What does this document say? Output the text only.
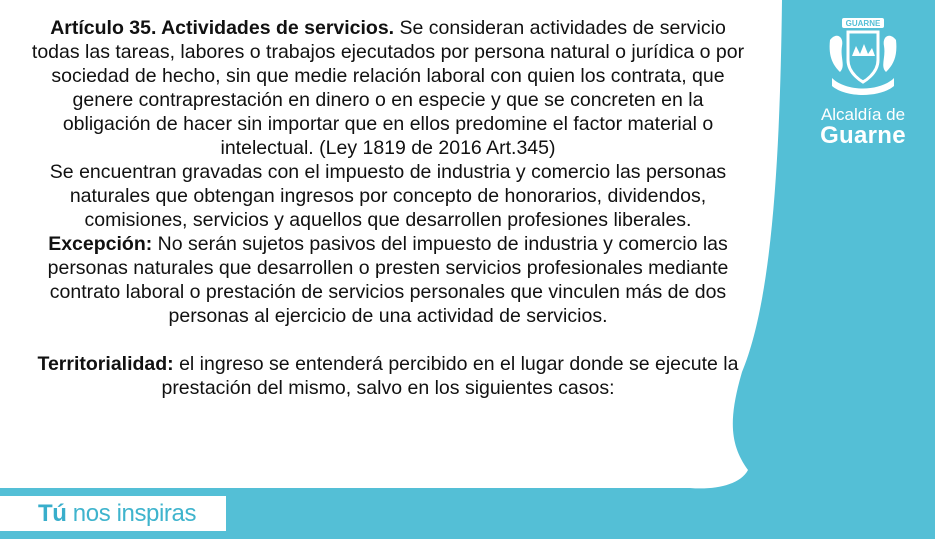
Artículo 35. Actividades de servicios. Se consideran actividades de servicio todas las tareas, labores o trabajos ejecutados por persona natural o jurídica o por sociedad de hecho, sin que medie relación laboral con quien los contrata, que genere contraprestación en dinero o en especie y que se concreten en la obligación de hacer sin importar que en ellos predomine el factor material o intelectual. (Ley 1819 de 2016 Art.345)

Se encuentran gravadas con el impuesto de industria y comercio las personas naturales que obtengan ingresos por concepto de honorarios, dividendos, comisiones, servicios y aquellos que desarrollen profesiones liberales.

Excepción: No serán sujetos pasivos del impuesto de industria y comercio las personas naturales que desarrollen o presten servicios profesionales mediante contrato laboral o prestación de servicios personales que vinculen más de dos personas al ejercicio de una actividad de servicios.

Territorialidad: el ingreso se entenderá percibido en el lugar donde se ejecute la prestación del mismo, salvo en los siguientes casos:

GUARNE
Alcaldía de
Guarne
Tú nos inspiras
